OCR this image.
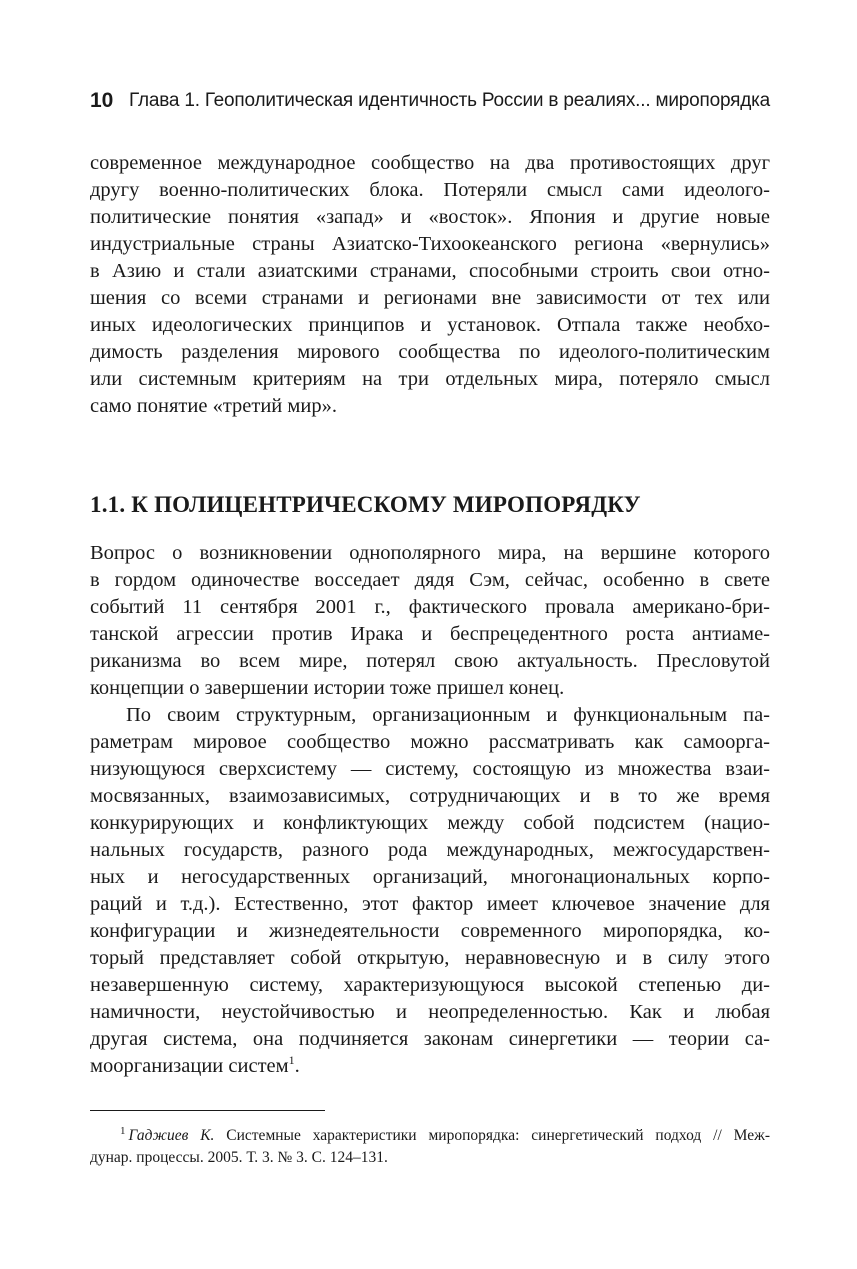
10 Глава 1. Геополитическая идентичность России в реалиях... миропорядка
современное международное сообщество на два противостоящих друг
другу военно-политических блока. Потеряли смысл сами идеолого-
политические понятия «запад» и «восток». Япония и другие новые
индустриальные страны Азиатско-Тихоокеанского региона «вернулись»
в Азию и стали азиатскими странами, способными строить свои отно-
шения со всеми странами и регионами вне зависимости от тех или
иных идеологических принципов и установок. Отпала также необхо-
димость разделения мирового сообщества по идеолого-политическим
или системным критериям на три отдельных мира, потеряло смысл
само понятие «третий мир».
1.1. К ПОЛИЦЕНТРИЧЕСКОМУ МИРОПОРЯДКУ
Вопрос о возникновении однополярного мира, на вершине которого
в гордом одиночестве восседает дядя Сэм, сейчас, особенно в свете
событий 11 сентября 2001 г., фактического провала американо-бри-
танской агрессии против Ирака и беспрецедентного роста антиаме-
риканизма во всем мире, потерял свою актуальность. Пресловутой
концепции о завершении истории тоже пришел конец.
По своим структурным, организационным и функциональным па-
раметрам мировое сообщество можно рассматривать как самоорга-
низующуюся сверхсистему — систему, состоящую из множества взаи-
мосвязанных, взаимозависимых, сотрудничающих и в то же время
конкурирующих и конфликтующих между собой подсистем (нацио-
нальных государств, разного рода международных, межгосударствен-
ных и негосударственных организаций, многонациональных корпо-
раций и т.д.). Естественно, этот фактор имеет ключевое значение для
конфигурации и жизнедеятельности современного миропорядка, ко-
торый представляет собой открытую, неравновесную и в силу этого
незавершенную систему, характеризующуюся высокой степенью ди-
намичности, неустойчивостью и неопределенностью. Как и любая
другая система, она подчиняется законам синергетики — теории са-
моорганизации систем$^1$.
$^1$ Гаджиев К. Системные характеристики миропорядка: синергетический подход // Меж-
дунар. процессы. 2005. Т. 3. № 3. С. 124–131.
